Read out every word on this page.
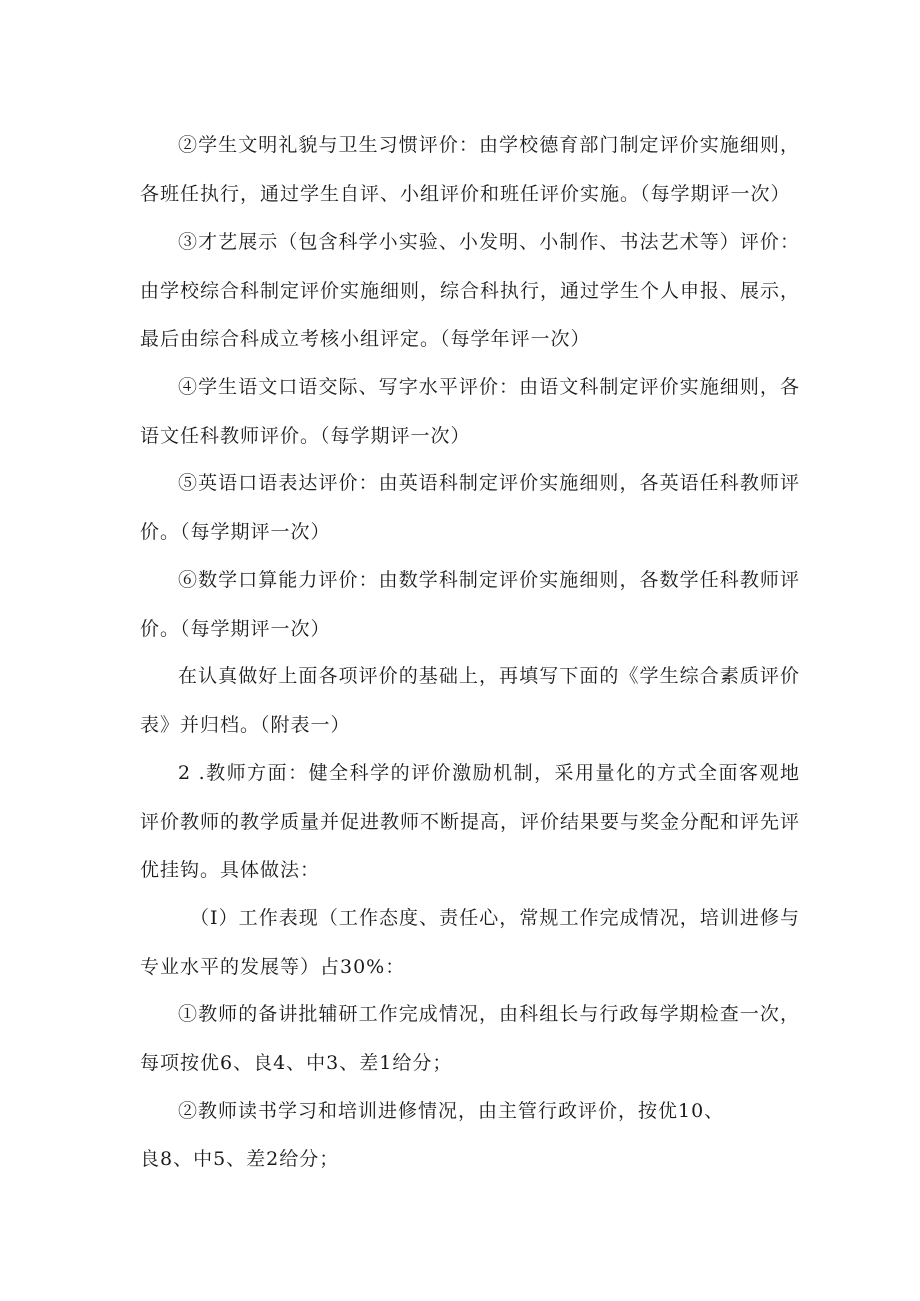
②学生文明礼貌与卫生习惯评价：由学校德育部门制定评价实施细则，各班任执行，通过学生自评、小组评价和班任评价实施。（每学期评一次）

③才艺展示（包含科学小实验、小发明、小制作、书法艺术等）评价：由学校综合科制定评价实施细则，综合科执行，通过学生个人申报、展示，最后由综合科成立考核小组评定。（每学年评一次）

④学生语文口语交际、写字水平评价：由语文科制定评价实施细则，各语文任科教师评价。（每学期评一次）

⑤英语口语表达评价：由英语科制定评价实施细则，各英语任科教师评价。（每学期评一次）

⑥数学口算能力评价：由数学科制定评价实施细则，各数学任科教师评价。（每学期评一次）

在认真做好上面各项评价的基础上，再填写下面的《学生综合素质评价表》并归档。（附表一）

2 .教师方面：健全科学的评价激励机制，采用量化的方式全面客观地评价教师的教学质量并促进教师不断提高，评价结果要与奖金分配和评先评优挂钩。具体做法：

（I）工作表现（工作态度、责任心，常规工作完成情况，培训进修与专业水平的发展等）占30%：

①教师的备讲批辅研工作完成情况，由科组长与行政每学期检查一次，每项按优6、良4、中3、差1给分；

②教师读书学习和培训进修情况，由主管行政评价，按优10、

良8、中5、差2给分；
